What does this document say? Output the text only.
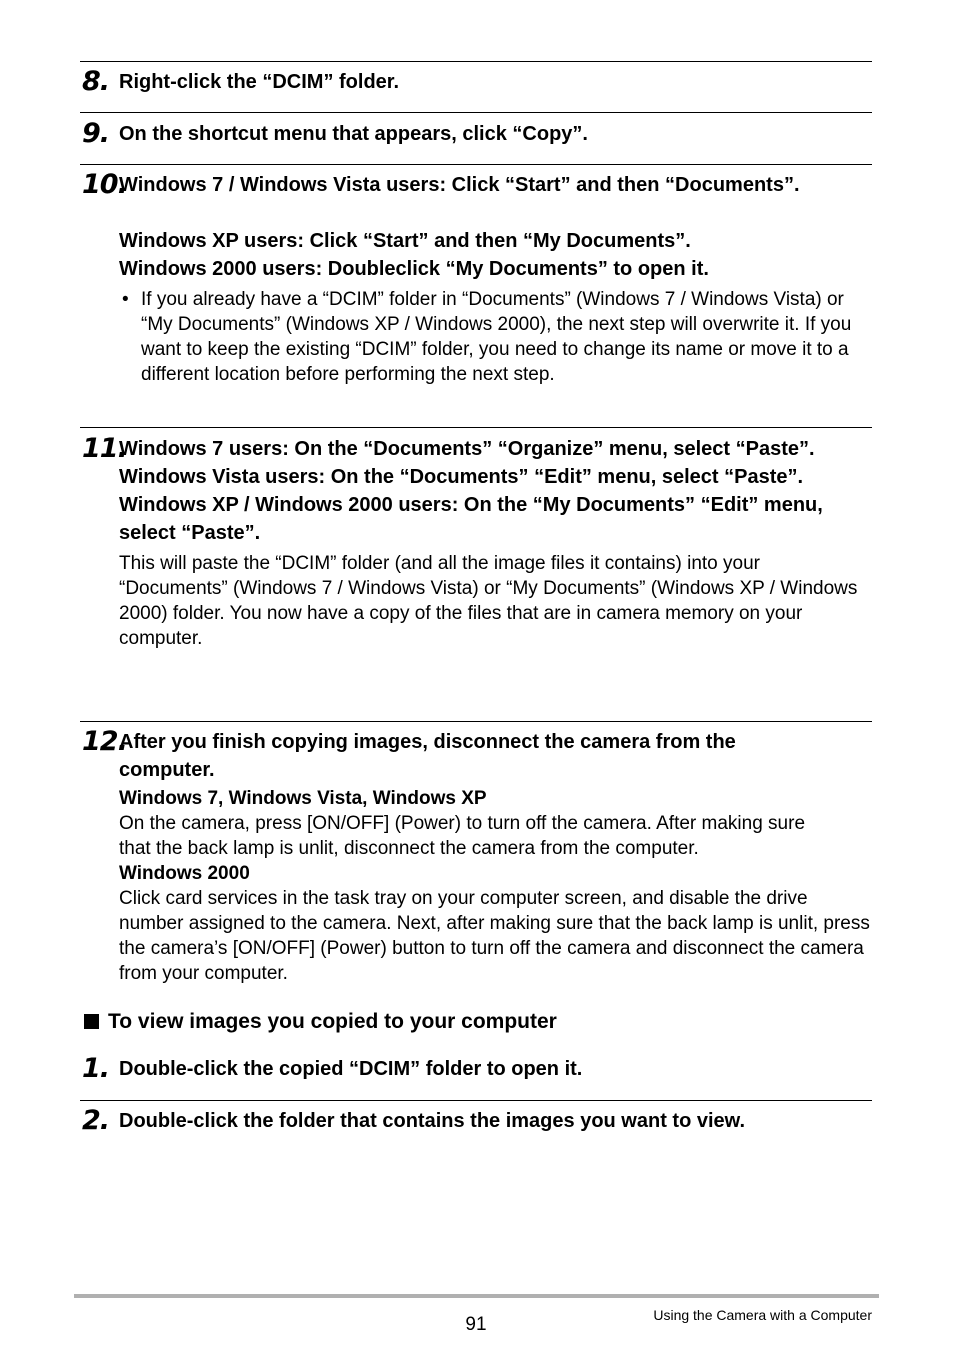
8. Right-click the “DCIM” folder.
9. On the shortcut menu that appears, click “Copy”.
10.
Windows 7 / Windows Vista users: Click “Start” and then “Documents”.
Windows XP users: Click “Start” and then “My Documents”.
Windows 2000 users: Doubleclick “My Documents” to open it.
• If you already have a “DCIM” folder in “Documents” (Windows 7 / Windows Vista) or “My Documents” (Windows XP / Windows 2000), the next step will overwrite it. If you want to keep the existing “DCIM” folder, you need to change its name or move it to a different location before performing the next step.
11.
Windows 7 users: On the “Documents” “Organize” menu, select “Paste”.
Windows Vista users: On the “Documents” “Edit” menu, select “Paste”.
Windows XP / Windows 2000 users: On the “My Documents” “Edit” menu, select “Paste”.
This will paste the “DCIM” folder (and all the image files it contains) into your “Documents” (Windows 7 / Windows Vista) or “My Documents” (Windows XP / Windows 2000) folder. You now have a copy of the files that are in camera memory on your computer.
12.
After you finish copying images, disconnect the camera from the computer.
Windows 7, Windows Vista, Windows XP
On the camera, press [ON/OFF] (Power) to turn off the camera. After making sure that the back lamp is unlit, disconnect the camera from the computer.
Windows 2000
Click card services in the task tray on your computer screen, and disable the drive number assigned to the camera. Next, after making sure that the back lamp is unlit, press the camera’s [ON/OFF] (Power) button to turn off the camera and disconnect the camera from your computer.
To view images you copied to your computer
1. Double-click the copied “DCIM” folder to open it.
2. Double-click the folder that contains the images you want to view.
91	Using the Camera with a Computer
